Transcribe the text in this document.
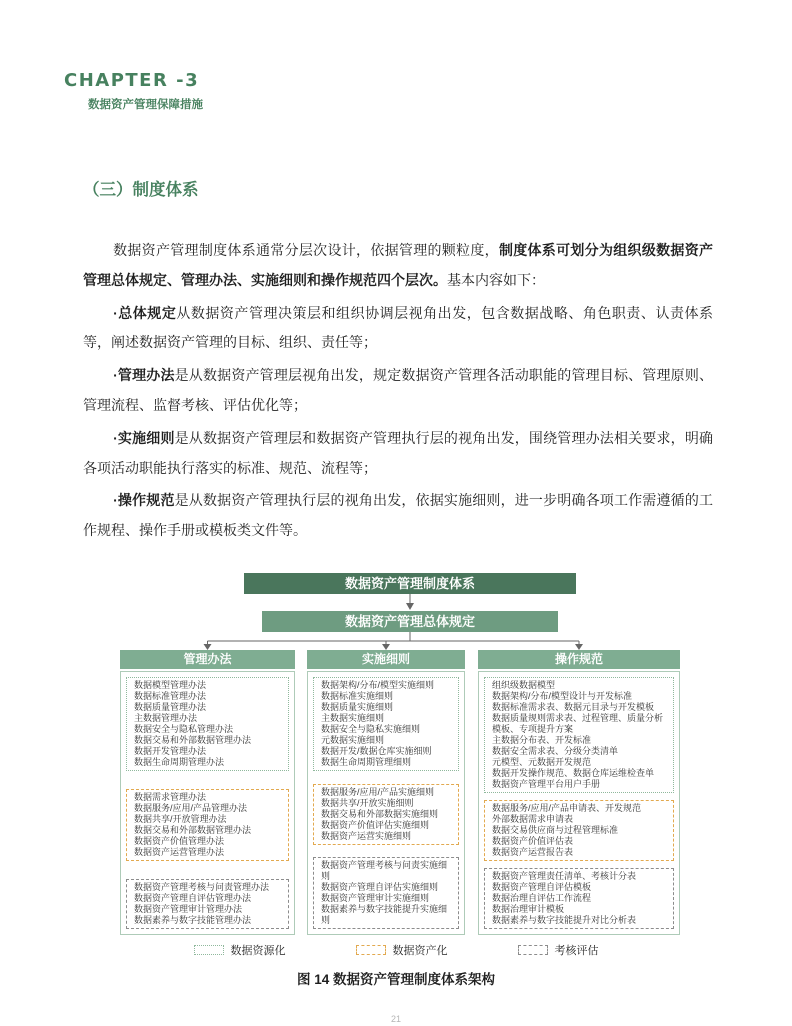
CHAPTER -3
数据资产管理保障措施
（三）制度体系

数据资产管理制度体系通常分层次设计，依据管理的颗粒度，制度体系可划分为组织级数据资产管理总体规定、管理办法、实施细则和操作规范四个层次。基本内容如下：

·总体规定从数据资产管理决策层和组织协调层视角出发，包含数据战略、角色职责、认责体系等，阐述数据资产管理的目标、组织、责任等；

·管理办法是从数据资产管理层视角出发，规定数据资产管理各活动职能的管理目标、管理原则、管理流程、监督考核、评估优化等；

·实施细则是从数据资产管理层和数据资产管理执行层的视角出发，围绕管理办法相关要求，明确各项活动职能执行落实的标准、规范、流程等；

·操作规范是从数据资产管理执行层的视角出发，依据实施细则，进一步明确各项工作需遵循的工作规程、操作手册或模板类文件等。

数据资产管理制度体系
数据资产管理总体规定
管理办法
数据模型管理办法
数据标准管理办法
数据质量管理办法
主数据管理办法
数据安全与隐私管理办法
数据交易和外部数据管理办法
数据开发管理办法
数据生命周期管理办法
数据需求管理办法
数据服务/应用/产品管理办法
数据共享/开放管理办法
数据交易和外部数据管理办法
数据资产价值管理办法
数据资产运营管理办法
数据资产管理考核与问责管理办法
数据资产管理自评估管理办法
数据资产管理审计管理办法
数据素养与数字技能管理办法
实施细则
数据架构/分布/模型实施细则
数据标准实施细则
数据质量实施细则
主数据实施细则
数据安全与隐私实施细则
元数据实施细则
数据开发/数据仓库实施细则
数据生命周期管理细则
数据服务/应用/产品实施细则
数据共享/开放实施细则
数据交易和外部数据实施细则
数据资产价值评估实施细则
数据资产运营实施细则
数据资产管理考核与问责实施细则
数据资产管理自评估实施细则
数据资产管理审计实施细则
数据素养与数字技能提升实施细则
操作规范
组织级数据模型
数据架构/分布/模型设计与开发标准
数据标准需求表、数据元目录与开发模板
数据质量规则需求表、过程管理、质量分析模板、专项提升方案
主数据分布表、开发标准
数据安全需求表、分级分类清单
元模型、元数据开发规范
数据开发操作规范、数据仓库运维检查单
数据资产管理平台用户手册
数据服务/应用/产品申请表、开发规范
外部数据需求申请表
数据交易供应商与过程管理标准
数据资产价值评估表
数据资产运营报告表
数据资产管理责任清单、考核计分表
数据资产管理自评估模板
数据治理自评估工作流程
数据治理审计模板
数据素养与数字技能提升对比分析表
数据资源化	数据资产化	考核评估
图 14 数据资产管理制度体系架构
21
